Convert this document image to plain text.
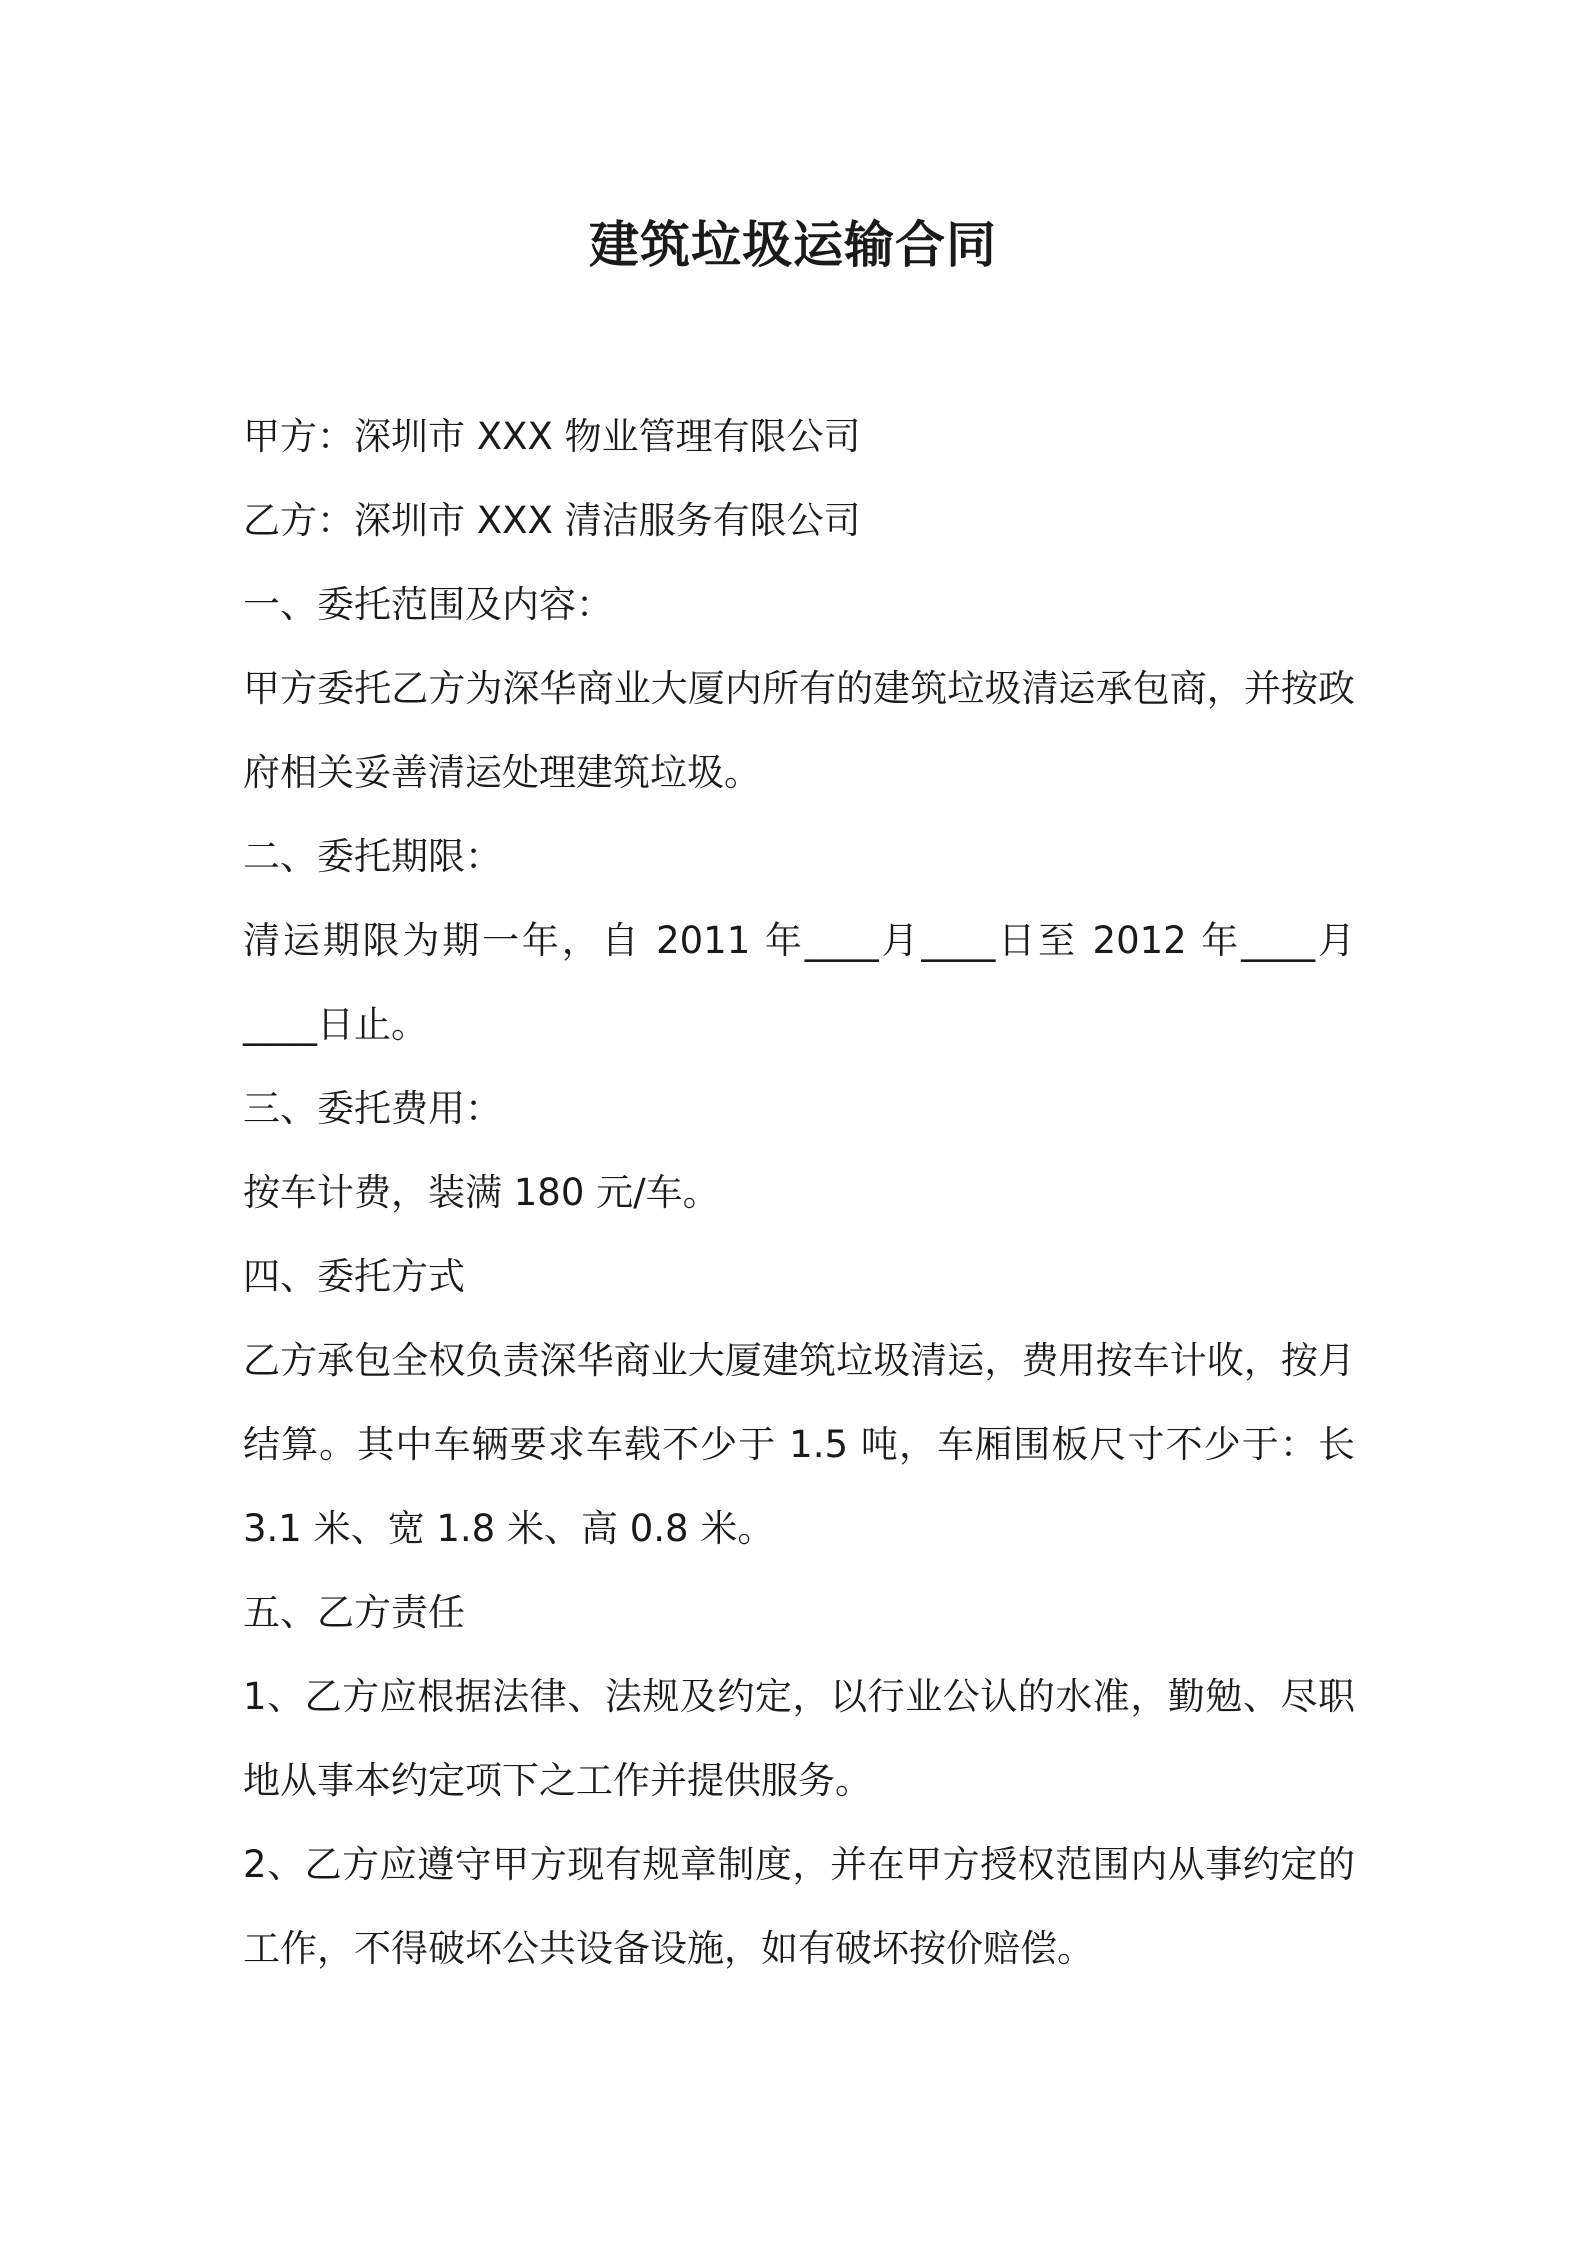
建筑垃圾运输合同
甲方：深圳市 XXX 物业管理有限公司
乙方：深圳市 XXX 清洁服务有限公司
一、委托范围及内容：
甲方委托乙方为深华商业大厦内所有的建筑垃圾清运承包商，并按政府相关妥善清运处理建筑垃圾。
二、委托期限：
清运期限为期一年，自 2011 年____月____日至 2012 年____月____日止。
三、委托费用：
按车计费，装满 180 元/车。
四、委托方式
乙方承包全权负责深华商业大厦建筑垃圾清运，费用按车计收，按月结算。其中车辆要求车载不少于 1.5 吨，车厢围板尺寸不少于：长 3.1 米、宽 1.8 米、高 0.8 米。
五、乙方责任
1、乙方应根据法律、法规及约定，以行业公认的水准，勤勉、尽职地从事本约定项下之工作并提供服务。
2、乙方应遵守甲方现有规章制度，并在甲方授权范围内从事约定的工作，不得破坏公共设备设施，如有破坏按价赔偿。
